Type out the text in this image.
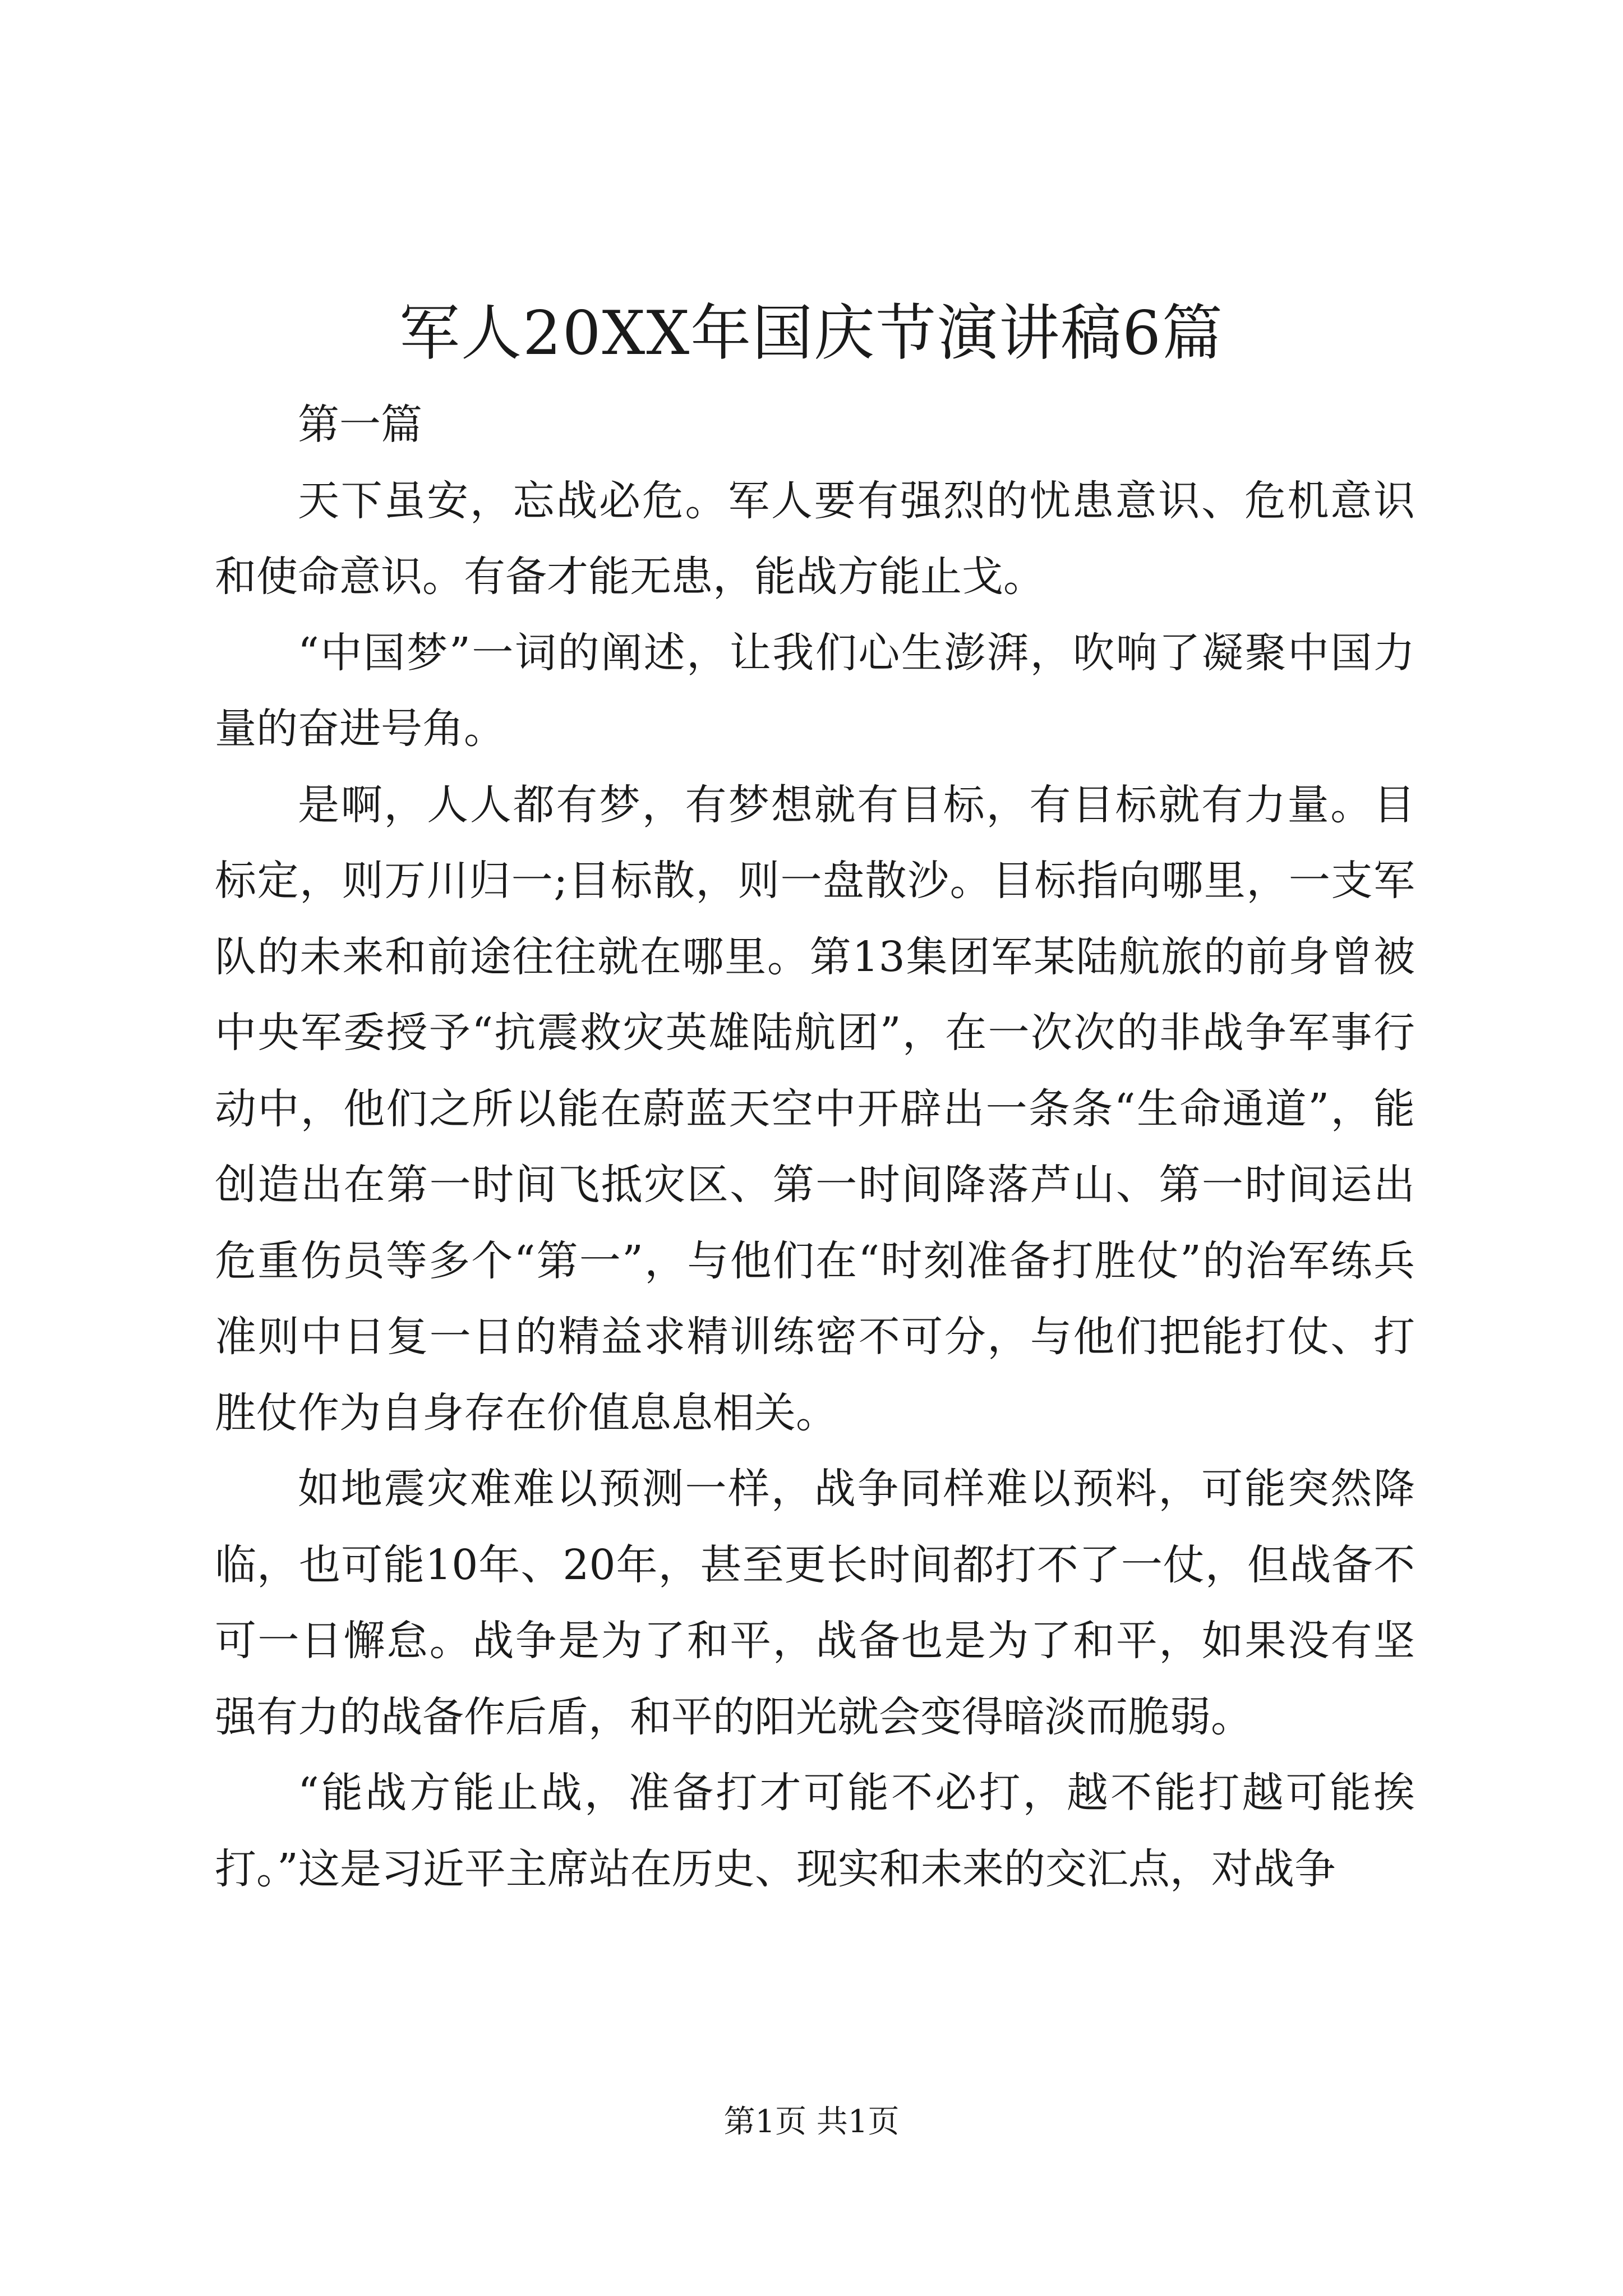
军人20XX年国庆节演讲稿6篇

第一篇

天下虽安，忘战必危。军人要有强烈的忧患意识、危机意识和使命意识。有备才能无患，能战方能止戈。

“中国梦”一词的阐述，让我们心生澎湃，吹响了凝聚中国力量的奋进号角。

是啊，人人都有梦，有梦想就有目标，有目标就有力量。目标定，则万川归一;目标散，则一盘散沙。目标指向哪里，一支军队的未来和前途往往就在哪里。第13集团军某陆航旅的前身曾被中央军委授予“抗震救灾英雄陆航团”，在一次次的非战争军事行动中，他们之所以能在蔚蓝天空中开辟出一条条“生命通道”，能创造出在第一时间飞抵灾区、第一时间降落芦山、第一时间运出危重伤员等多个“第一”，与他们在“时刻准备打胜仗”的治军练兵准则中日复一日的精益求精训练密不可分，与他们把能打仗、打胜仗作为自身存在价值息息相关。

如地震灾难难以预测一样，战争同样难以预料，可能突然降临，也可能10年、20年，甚至更长时间都打不了一仗，但战备不可一日懈怠。战争是为了和平，战备也是为了和平，如果没有坚强有力的战备作后盾，和平的阳光就会变得暗淡而脆弱。

“能战方能止战，准备打才可能不必打，越不能打越可能挨打。”这是习近平主席站在历史、现实和未来的交汇点，对战争

第1页 共1页
